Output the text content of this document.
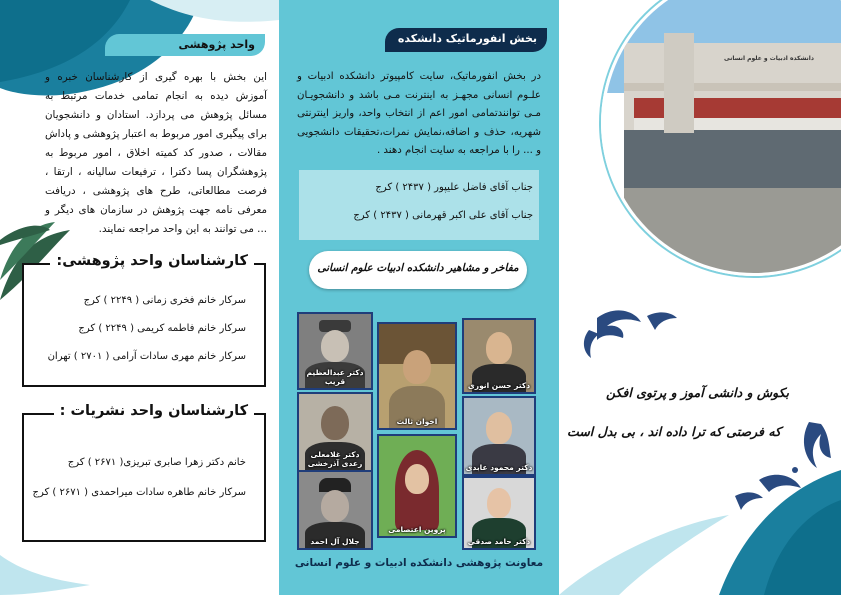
واحد پژوهشی
این بخش با بهره گیری از کارشناسان خبره و آموزش دیده به انجام تمامی خدمات مرتبط به مسائل پژوهش می پردازد. استادان و دانشجویان برای پیگیری امور مربوط به اعتبار پژوهشی و پاداش مقالات ، صدور کد کمیته اخلاق ، امور مربوط به پژوهشگران پسا دکترا ، ترفیعات سالیانه ، ارتقا ، فرصت مطالعاتی، طرح های پژوهشی ، دریافت معرفی نامه جهت پژوهش در سازمان های دیگر و ... می توانند به این واحد مراجعه نمایند.
کارشناسان واحد پژوهشی:
سرکار خانم فخری زمانی ( ۲۲۴۹ ) کرج
سرکار خانم فاطمه کریمی ( ۲۲۴۹ ) کرج
سرکار خانم مهری سادات آرامی ( ۲۷۰۱ ) تهران
کارشناسان واحد نشریات :
خانم دکتر زهرا صابری تبریزی( ۲۶۷۱ ) کرج
سرکار خانم طاهره سادات میراحمدی ( ۲۶۷۱ ) کرج
بخش انفورماتیک دانشکده
در بخش انفورماتیک، سایت کامپیوتر دانشکده ادبیات و علـوم انسانی مجهـز به اینترنت مـی باشد و دانشجویـان مـی توانندتمامی امور اعم از انتخاب واحد، واریز اینترنتی شهریه، حذف و اضافه،نمایش نمرات،تحقیقات دانشجویی و ... را با مراجعه به سایت انجام دهند .
جناب آقای فاضل علیپور ( ۲۴۳۷ ) کرج
جناب آقای علی اکبر قهرمانی ( ۲۴۳۷ ) کرج
مفاخر و مشاهیر دانشکده ادبیات علوم انسانی
دکتر حسن انوری
اخوان ثالث
دکتر عبدالعظیم قریب
دکتر محمود عابدی
دکتر غلامعلی رعدی آذرخشی
پروین اعتصامی
دکتر حامد صدقی
جلال آل احمد
معاونت پژوهشی دانشکده ادبیات و علوم انسانی
دانشکده ادبیات و علوم انسانی
بکوش و دانشی آموز و پرتوی افکن
که فرصتی که ترا داده اند ، بی بدل است
